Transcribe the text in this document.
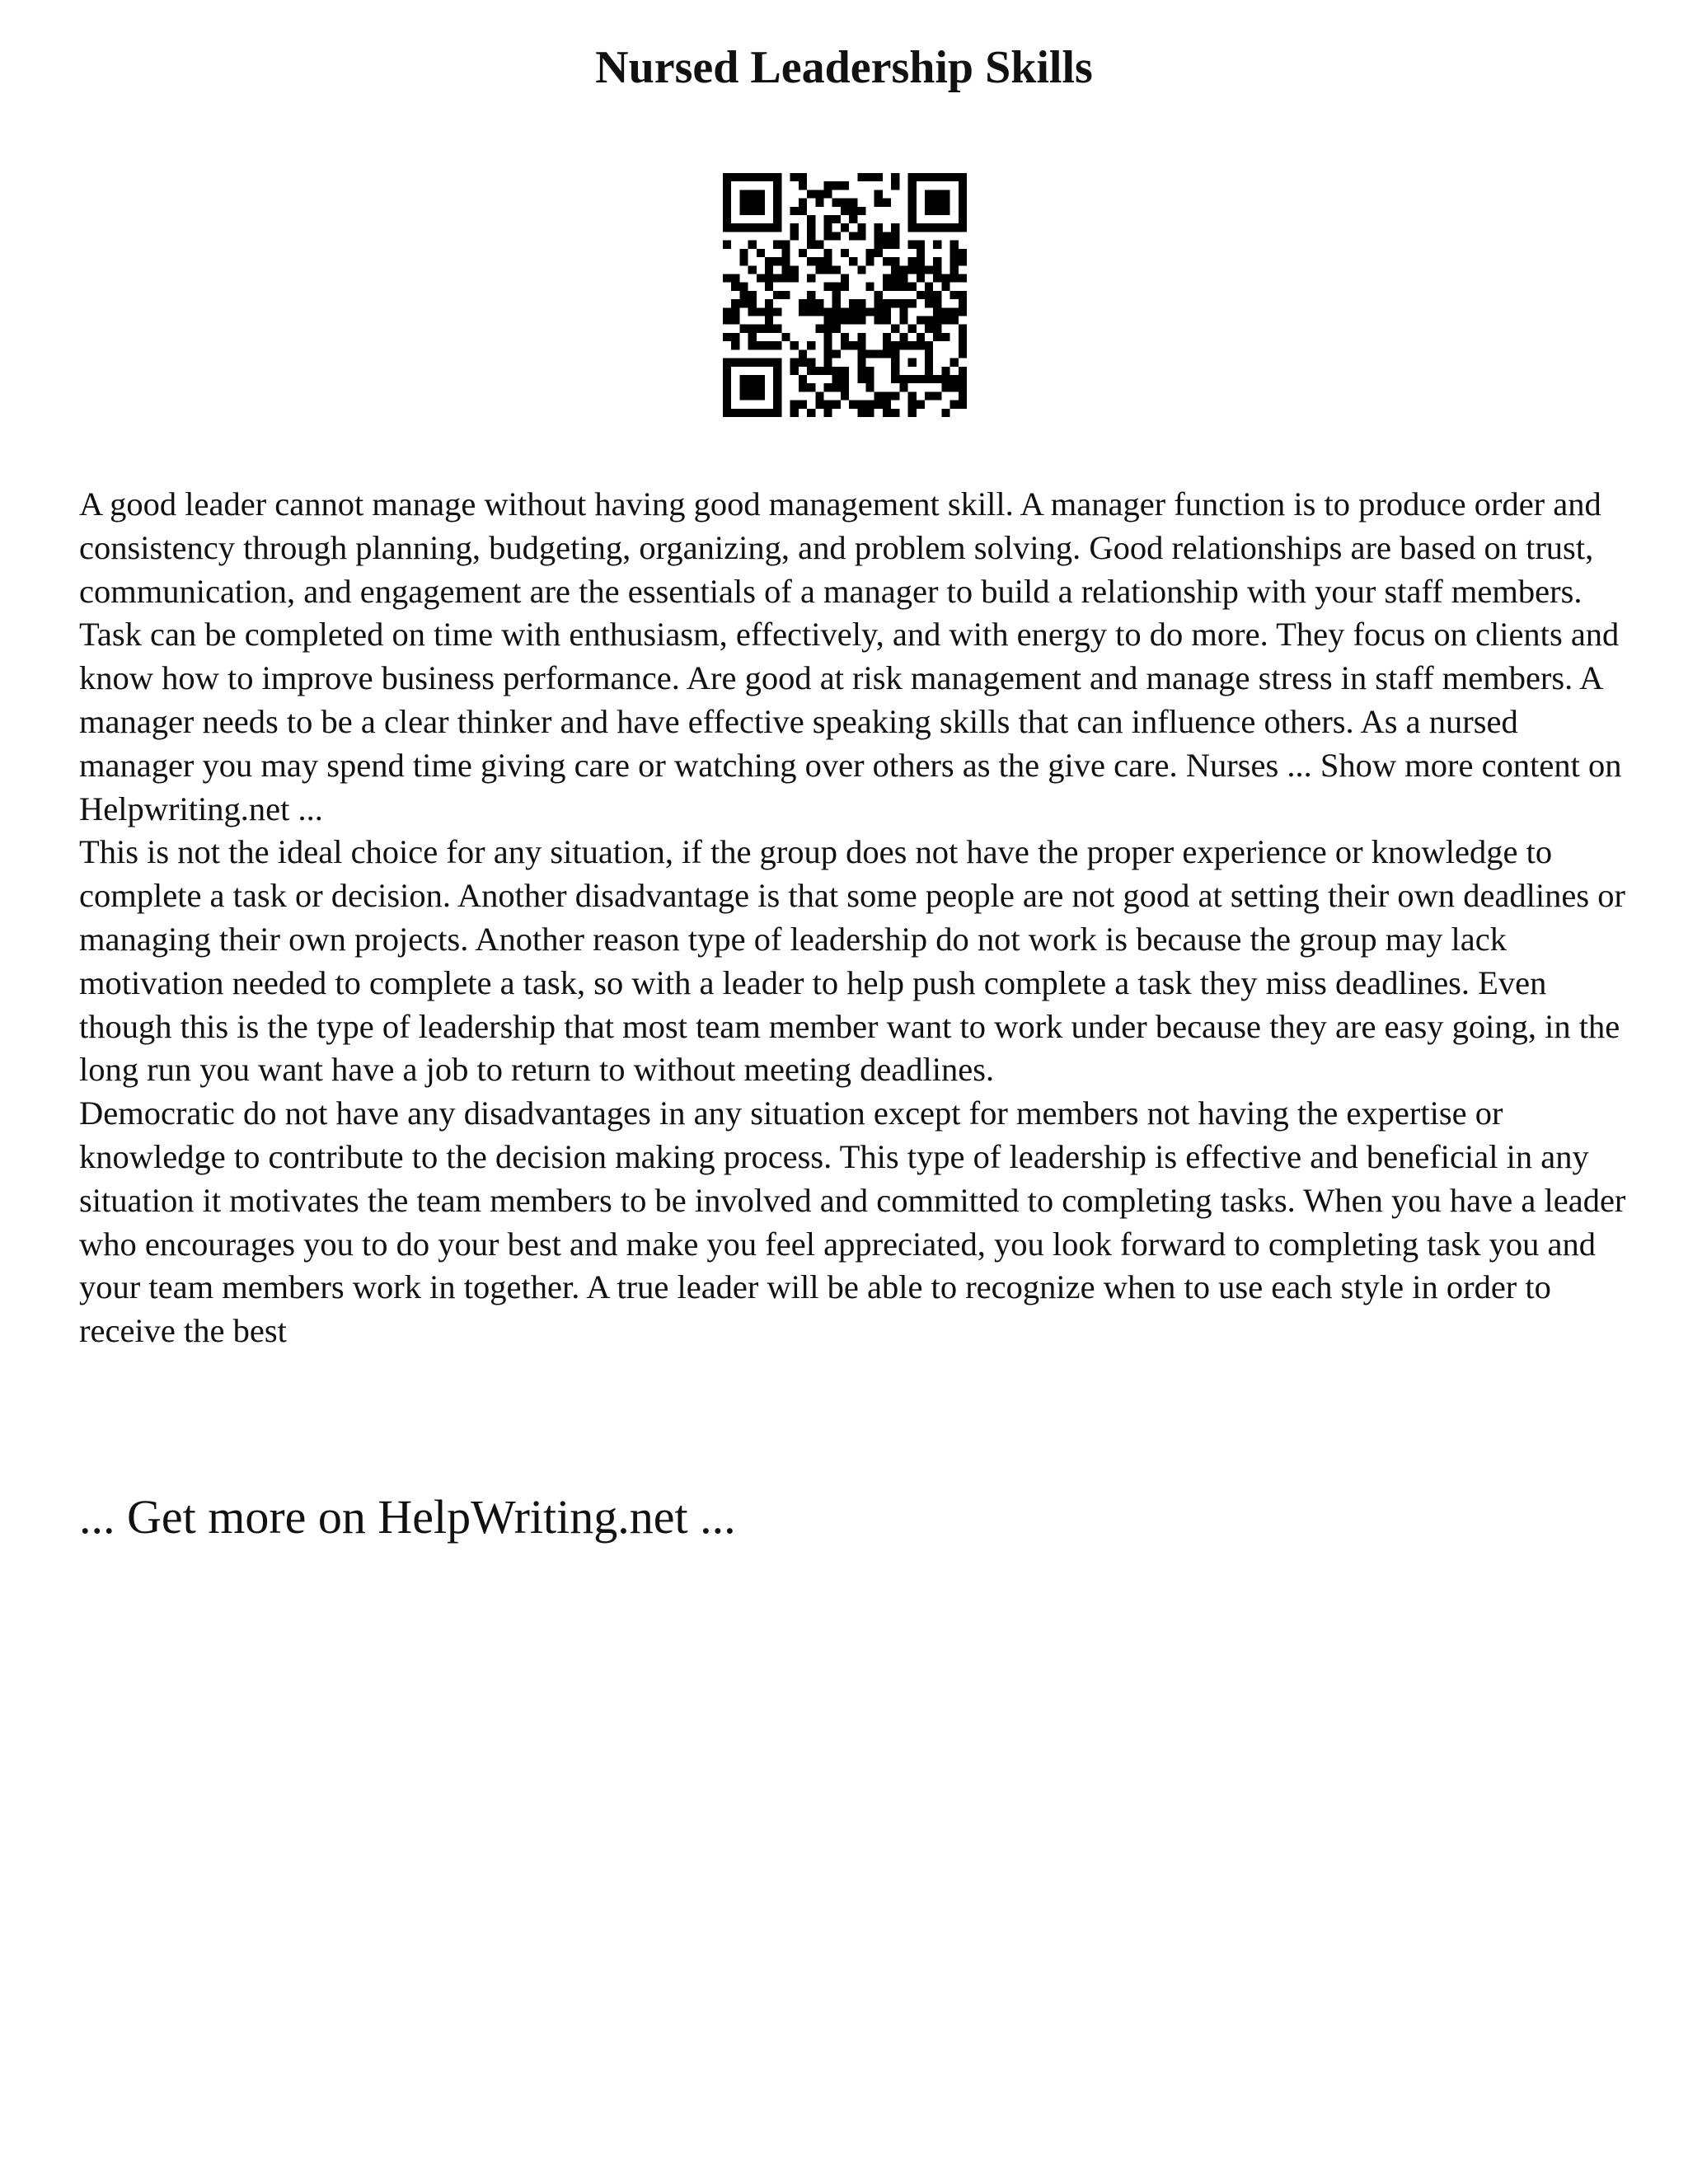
Nursed Leadership Skills

A good leader cannot manage without having good management skill. A manager function is to produce order and consistency through planning, budgeting, organizing, and problem solving. Good relationships are based on trust, communication, and engagement are the essentials of a manager to build a relationship with your staff members. Task can be completed on time with enthusiasm, effectively, and with energy to do more. They focus on clients and know how to improve business performance. Are good at risk management and manage stress in staff members. A manager needs to be a clear thinker and have effective speaking skills that can influence others. As a nursed manager you may spend time giving care or watching over others as the give care. Nurses ... Show more content on Helpwriting.net ...

This is not the ideal choice for any situation, if the group does not have the proper experience or knowledge to complete a task or decision. Another disadvantage is that some people are not good at setting their own deadlines or managing their own projects. Another reason type of leadership do not work is because the group may lack motivation needed to complete a task, so with a leader to help push complete a task they miss deadlines. Even though this is the type of leadership that most team member want to work under because they are easy going, in the long run you want have a job to return to without meeting deadlines.

Democratic do not have any disadvantages in any situation except for members not having the expertise or knowledge to contribute to the decision making process. This type of leadership is effective and beneficial in any situation it motivates the team members to be involved and committed to completing tasks. When you have a leader who encourages you to do your best and make you feel appreciated, you look forward to completing task you and your team members work in together. A true leader will be able to recognize when to use each style in order to receive the best

... Get more on HelpWriting.net ...
